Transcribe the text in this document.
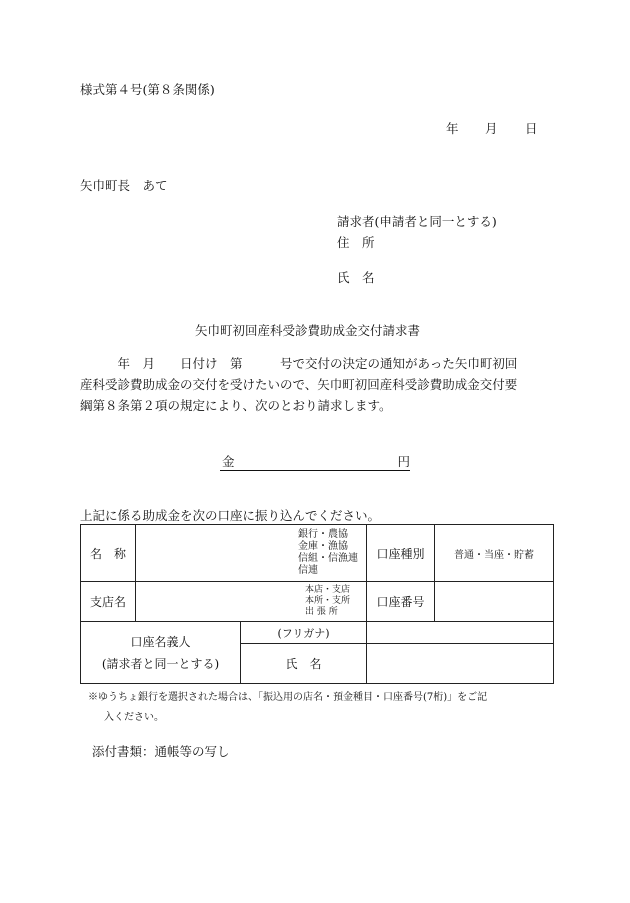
様式第４号(第８条関係)
年 月 日
矢巾町長　あて
請求者(申請者と同一とする)
住　所
氏　名
矢巾町初回産科受診費助成金交付請求書
　　　年　月　　日付け　第　　　号で交付の決定の通知があった矢巾町初回
産科受診費助成金の交付を受けたいので、矢巾町初回産科受診費助成金交付要
綱第８条第２項の規定により、次のとおり請求します。
金	円
上記に係る助成金を次の口座に振り込んでください。
名　称	銀行・農協
金庫・漁協
信組・信漁連
信連		口座種別	普通・当座・貯蓄
支店名	本店・支店
本所・支所
出 張 所		口座番号	

口座名義人
(請求者と同一とする)		(フリガナ)		
		氏　名		
※ゆうちょ銀行を選択された場合は、「振込用の店名・預金種目・口座番号(7桁)」をご記
入ください。
添付書類：通帳等の写し
